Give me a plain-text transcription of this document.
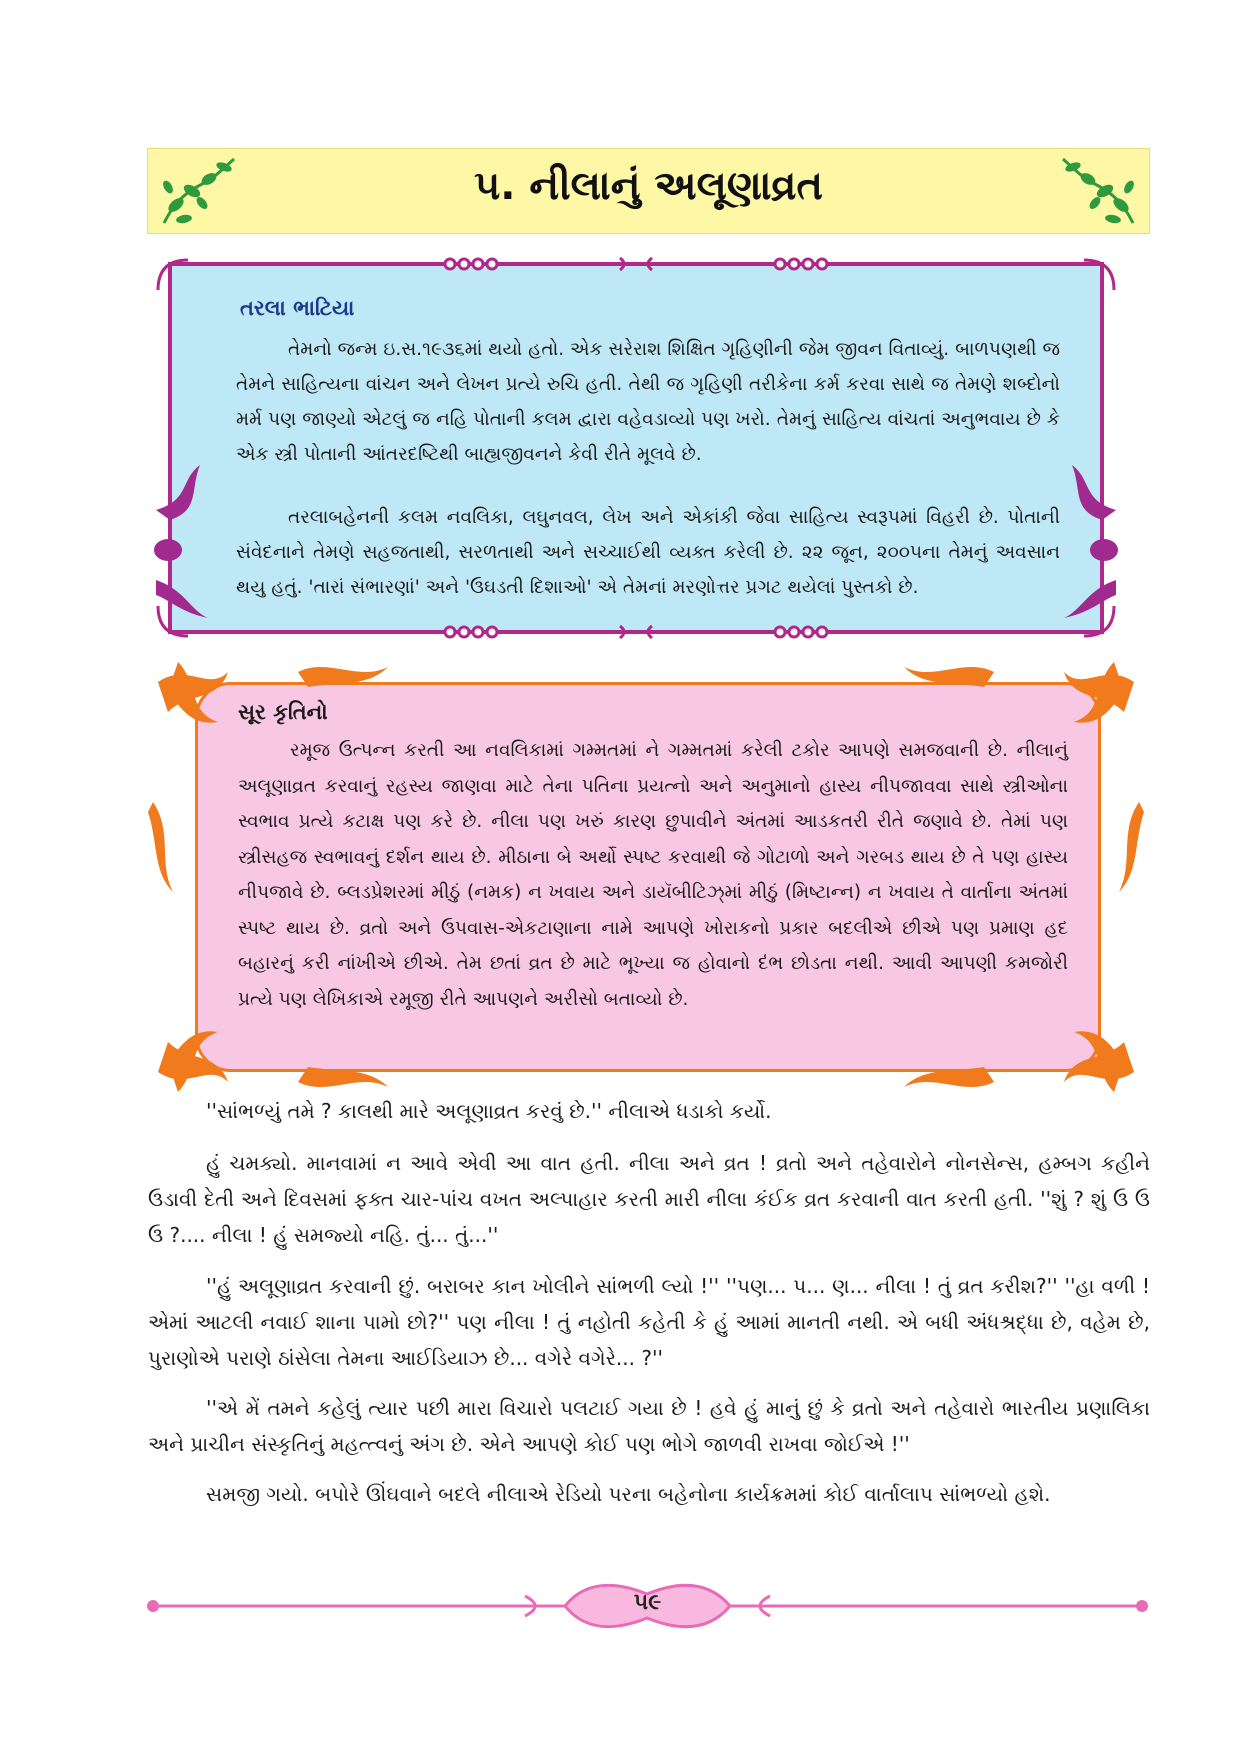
૫. નીલાનું અલૂણાવ્રત
તરલા ભાટિયા
તેમનો જન્મ ઇ.સ.૧૯૩૬માં થયો હતો. એક સરેરાશ શિક્ષિત ગૃહિણીની જેમ જીવન વિતાવ્યું. બાળપણથી જ તેમને સાહિત્યના વાંચન અને લેખન પ્રત્યે રુચિ હતી. તેથી જ ગૃહિણી તરીકેના કર્મ કરવા સાથે જ તેમણે શબ્દોનો મર્મ પણ જાણ્યો એટલું જ નહિ પોતાની કલમ દ્વારા વહેવડાવ્યો પણ ખરો. તેમનું સાહિત્ય વાંચતાં અનુભવાય છે કે એક સ્ત્રી પોતાની આંતરદષ્ટિથી બાહ્યજીવનને કેવી રીતે મૂલવે છે.
તરલાબહેનની કલમ નવલિકા, લઘુનવલ, લેખ અને એકાંકી જેવા સાહિત્ય સ્વરૂપમાં વિહરી છે. પોતાની સંવેદનાને તેમણે સહજતાથી, સરળતાથી અને સચ્ચાઈથી વ્યક્ત કરેલી છે. ૨૨ જૂન, ૨૦૦૫ના તેમનું અવસાન થયુ હતું. 'તારાં સંભારણાં' અને 'ઉઘડતી દિશાઓ' એ તેમનાં મરણોત્તર પ્રગટ થયેલાં પુસ્તકો છે.
સૂર કૃતિનો
રમૂજ ઉત્પન્ન કરતી આ નવલિકામાં ગમ્મતમાં ને ગમ્મતમાં કરેલી ટકોર આપણે સમજવાની છે. નીલાનું અલૂણાવ્રત કરવાનું રહસ્ય જાણવા માટે તેના પતિના પ્રયત્નો અને અનુમાનો હાસ્ય નીપજાવવા સાથે સ્ત્રીઓના સ્વભાવ પ્રત્યે કટાક્ષ પણ કરે છે. નીલા પણ ખરું કારણ છુપાવીને અંતમાં આડકતરી રીતે જણાવે છે. તેમાં પણ સ્ત્રીસહજ સ્વભાવનું દર્શન થાય છે. મીઠાના બે અર્થો સ્પષ્ટ કરવાથી જે ગોટાળો અને ગરબડ થાય છે તે પણ હાસ્ય નીપજાવે છે. બ્લડપ્રેશરમાં મીઠું (નમક) ન ખવાય અને ડાયૅબીટિઝ્‌માં મીઠું (મિષ્ટાન્ન) ન ખવાય તે વાર્તાના અંતમાં સ્પષ્ટ થાય છે. વ્રતો અને ઉપવાસ-એકટાણાના નામે આપણે ખોરાકનો પ્રકાર બદલીએ છીએ પણ પ્રમાણ હદ બહારનું કરી નાંખીએ છીએ. તેમ છતાં વ્રત છે માટે ભૂખ્યા જ હોવાનો દંભ છોડતા નથી. આવી આપણી કમજોરી પ્રત્યે પણ લેખિકાએ રમૂજી રીતે આપણને અરીસો બતાવ્યો છે.
''સાંભળ્યું તમે ? કાલથી મારે અલૂણાવ્રત કરવું છે.'' નીલાએ ધડાકો કર્યો.
હું ચમક્યો. માનવામાં ન આવે એવી આ વાત હતી. નીલા અને વ્રત ! વ્રતો અને તહેવારોને નોનસેન્સ, હમ્બગ કહીને ઉડાવી દેતી અને દિવસમાં ફક્ત ચાર-પાંચ વખત અલ્પાહાર કરતી મારી નીલા કંઈક વ્રત કરવાની વાત કરતી હતી. ''શું ? શું ઉ ઉ ઉ ?.... નીલા ! હું સમજ્યો નહિ. તું... તું...''
''હું અલૂણાવ્રત કરવાની છું. બરાબર કાન ખોલીને સાંભળી લ્યો !'' ''પણ... પ... ણ... નીલા ! તું વ્રત કરીશ?'' ''હા વળી ! એમાં આટલી નવાઈ શાના પામો છો?'' પણ નીલા ! તું નહોતી કહેતી કે હું આમાં માનતી નથી. એ બધી અંધશ્રદ્ધા છે, વહેમ છે, પુરાણોએ પરાણે ઠાંસેલા તેમના આઈડિયાઝ છે... વગેરે વગેરે... ?''
''એ મેં તમને કહેલું ત્યાર પછી મારા વિચારો પલટાઈ ગયા છે ! હવે હું માનું છું કે વ્રતો અને તહેવારો ભારતીય પ્રણાલિકા અને પ્રાચીન સંસ્કૃતિનું મહત્ત્વનું અંગ છે. એને આપણે કોઈ પણ ભોગે જાળવી રાખવા જોઈએ !''
સમજી ગયો. બપોરે ઊંઘવાને બદલે નીલાએ રેડિયો પરના બહેનોના કાર્યક્રમમાં કોઈ વાર્તાલાપ સાંભળ્યો હશે.
૫૯
